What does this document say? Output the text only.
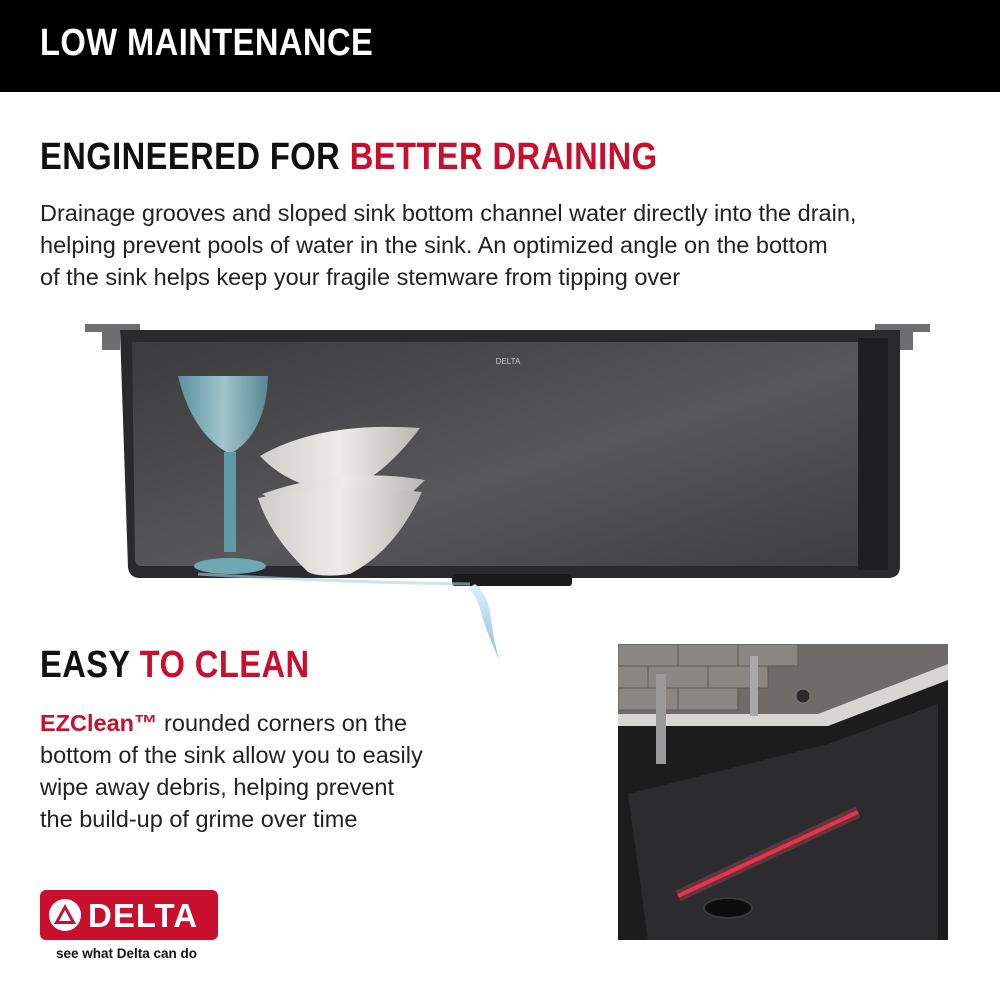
LOW MAINTENANCE
ENGINEERED FOR BETTER DRAINING
Drainage grooves and sloped sink bottom channel water directly into the drain,
helping prevent pools of water in the sink. An optimized angle on the bottom
of the sink helps keep your fragile stemware from tipping over
DELTA
EASY TO CLEAN
EZClean™ rounded corners on the
bottom of the sink allow you to easily
wipe away debris, helping prevent
the build-up of grime over time
DELTA
see what Delta can do
